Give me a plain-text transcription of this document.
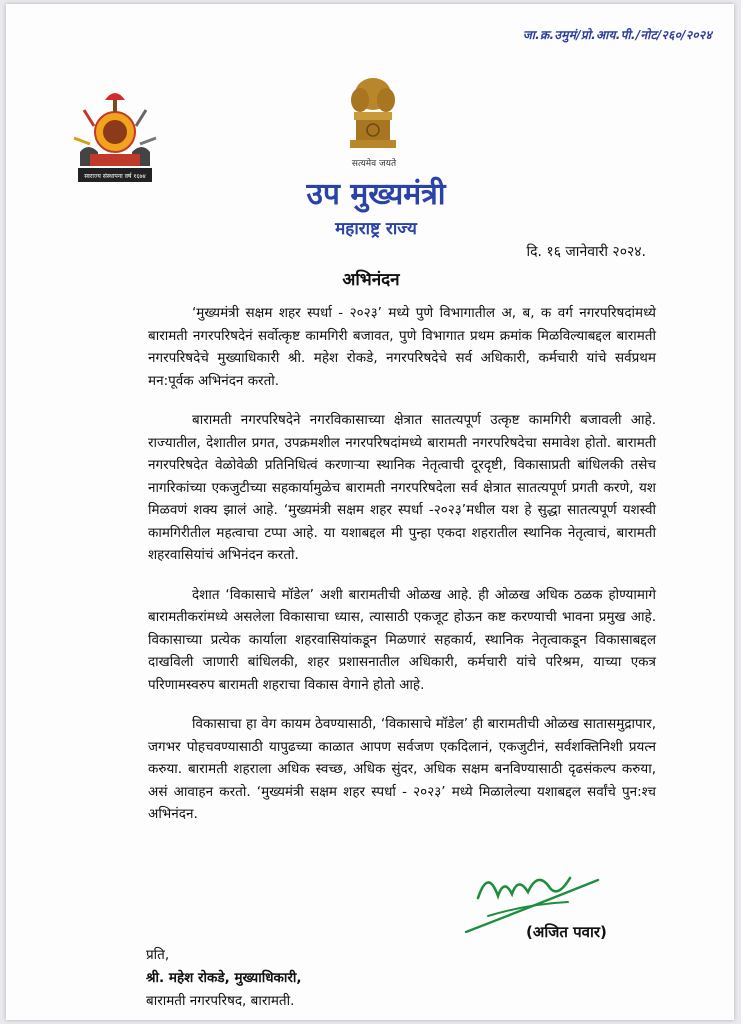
जा.क्र.उमुमं/प्रो.आय.पी./नोट/२६०/२०२४
स्वराज्य संस्थापना वर्ष १६७४
सत्यमेव जयते
उप मुख्यमंत्री
महाराष्ट्र राज्य
दि. १६ जानेवारी २०२४.
अभिनंदन

‘मुख्यमंत्री सक्षम शहर स्पर्धा - २०२३’ मध्ये पुणे विभागातील अ, ब, क वर्ग नगरपरिषदांमध्ये बारामती नगरपरिषदेनं सर्वोत्कृष्ट कामगिरी बजावत, पुणे विभागात प्रथम क्रमांक मिळविल्याबद्दल बारामती नगरपरिषदेचे मुख्याधिकारी श्री. महेश रोकडे, नगरपरिषदेचे सर्व अधिकारी, कर्मचारी यांचे सर्वप्रथम मन:पूर्वक अभिनंदन करतो.

बारामती नगरपरिषदेने नगरविकासाच्या क्षेत्रात सातत्यपूर्ण उत्कृष्ट कामगिरी बजावली आहे. राज्यातील, देशातील प्रगत, उपक्रमशील नगरपरिषदांमध्ये बारामती नगरपरिषदेचा समावेश होतो. बारामती नगरपरिषदेत वेळोवेळी प्रतिनिधित्वं करणाऱ्या स्थानिक नेतृत्वाची दूरदृष्टी, विकासाप्रती बांधिलकी तसेच नागरिकांच्या एकजुटीच्या सहकार्यामुळेच बारामती नगरपरिषदेला सर्व क्षेत्रात सातत्यपूर्ण प्रगती करणे, यश मिळवणं शक्य झालं आहे. ‘मुख्यमंत्री सक्षम शहर स्पर्धा -२०२३’मधील यश हे सुद्धा सातत्यपूर्ण यशस्वी कामगिरीतील महत्वाचा टप्पा आहे. या यशाबद्दल मी पुन्हा एकदा शहरातील स्थानिक नेतृत्वाचं, बारामती शहरवासियांचं अभिनंदन करतो.

देशात ‘विकासाचे मॉडेल’ अशी बारामतीची ओळख आहे. ही ओळख अधिक ठळक होण्यामागे बारामतीकरांमध्ये असलेला विकासाचा ध्यास, त्यासाठी एकजूट होऊन कष्ट करण्याची भावना प्रमुख आहे. विकासाच्या प्रत्येक कार्याला शहरवासियांकडून मिळणारं सहकार्य, स्थानिक नेतृत्वाकडून विकासाबद्दल दाखविली जाणारी बांधिलकी, शहर प्रशासनातील अधिकारी, कर्मचारी यांचे परिश्रम, याच्या एकत्र परिणामस्वरुप बारामती शहराचा विकास वेगाने होतो आहे.

विकासाचा हा वेग कायम ठेवण्यासाठी, ‘विकासाचे मॉडेल’ ही बारामतीची ओळख सातासमुद्रापार, जगभर पोहचवण्यासाठी यापुढच्या काळात आपण सर्वजण एकदिलानं, एकजुटीनं, सर्वशक्तिनिशी प्रयत्न करुया. बारामती शहराला अधिक स्वच्छ, अधिक सुंदर, अधिक सक्षम बनविण्यासाठी दृढसंकल्प करुया, असं आवाहन करतो. ‘मुख्यमंत्री सक्षम शहर स्पर्धा - २०२३’ मध्ये मिळालेल्या यशाबद्दल सर्वांचे पुन:श्च अभिनंदन.

(अजित पवार)
प्रति,
श्री. महेश रोकडे, मुख्याधिकारी,
बारामती नगरपरिषद, बारामती.
